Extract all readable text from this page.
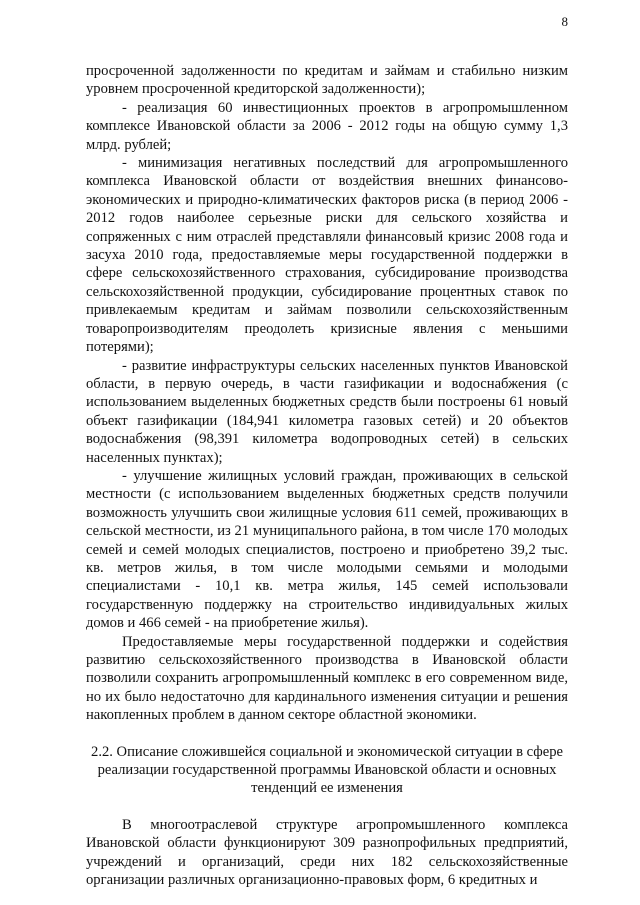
8

просроченной задолженности по кредитам и займам и стабильно низким уровнем просроченной кредиторской задолженности);

- реализация 60 инвестиционных проектов в агропромышленном комплексе Ивановской области за 2006 - 2012 годы на общую сумму 1,3 млрд. рублей;

- минимизация негативных последствий для агропромышленного комплекса Ивановской области от воздействия внешних финансово-экономических и природно-климатических факторов риска (в период 2006 - 2012 годов наиболее серьезные риски для сельского хозяйства и сопряженных с ним отраслей представляли финансовый кризис 2008 года и засуха 2010 года, предоставляемые меры государственной поддержки в сфере сельскохозяйственного страхования, субсидирование производства сельскохозяйственной продукции, субсидирование процентных ставок по привлекаемым кредитам и займам позволили сельскохозяйственным товаропроизводителям преодолеть кризисные явления с меньшими потерями);

- развитие инфраструктуры сельских населенных пунктов Ивановской области, в первую очередь, в части газификации и водоснабжения (с использованием выделенных бюджетных средств были построены 61 новый объект газификации (184,941 километра газовых сетей) и 20 объектов водоснабжения (98,391 километра водопроводных сетей) в сельских населенных пунктах);

- улучшение жилищных условий граждан, проживающих в сельской местности (с использованием выделенных бюджетных средств получили возможность улучшить свои жилищные условия 611 семей, проживающих в сельской местности, из 21 муниципального района, в том числе 170 молодых семей и семей молодых специалистов, построено и приобретено 39,2 тыс. кв. метров жилья, в том числе молодыми семьями и молодыми специалистами - 10,1 кв. метра жилья, 145 семей использовали государственную поддержку на строительство индивидуальных жилых домов и 466 семей - на приобретение жилья).

Предоставляемые меры государственной поддержки и содействия развитию сельскохозяйственного производства в Ивановской области позволили сохранить агропромышленный комплекс в его современном виде, но их было недостаточно для кардинального изменения ситуации и решения накопленных проблем в данном секторе областной экономики.

2.2. Описание сложившейся социальной и экономической ситуации в сфере реализации государственной программы Ивановской области и основных тенденций ее изменения

В многоотраслевой структуре агропромышленного комплекса Ивановской области функционируют 309 разнопрофильных предприятий, учреждений и организаций, среди них 182 сельскохозяйственные организации различных организационно-правовых форм, 6 кредитных и
